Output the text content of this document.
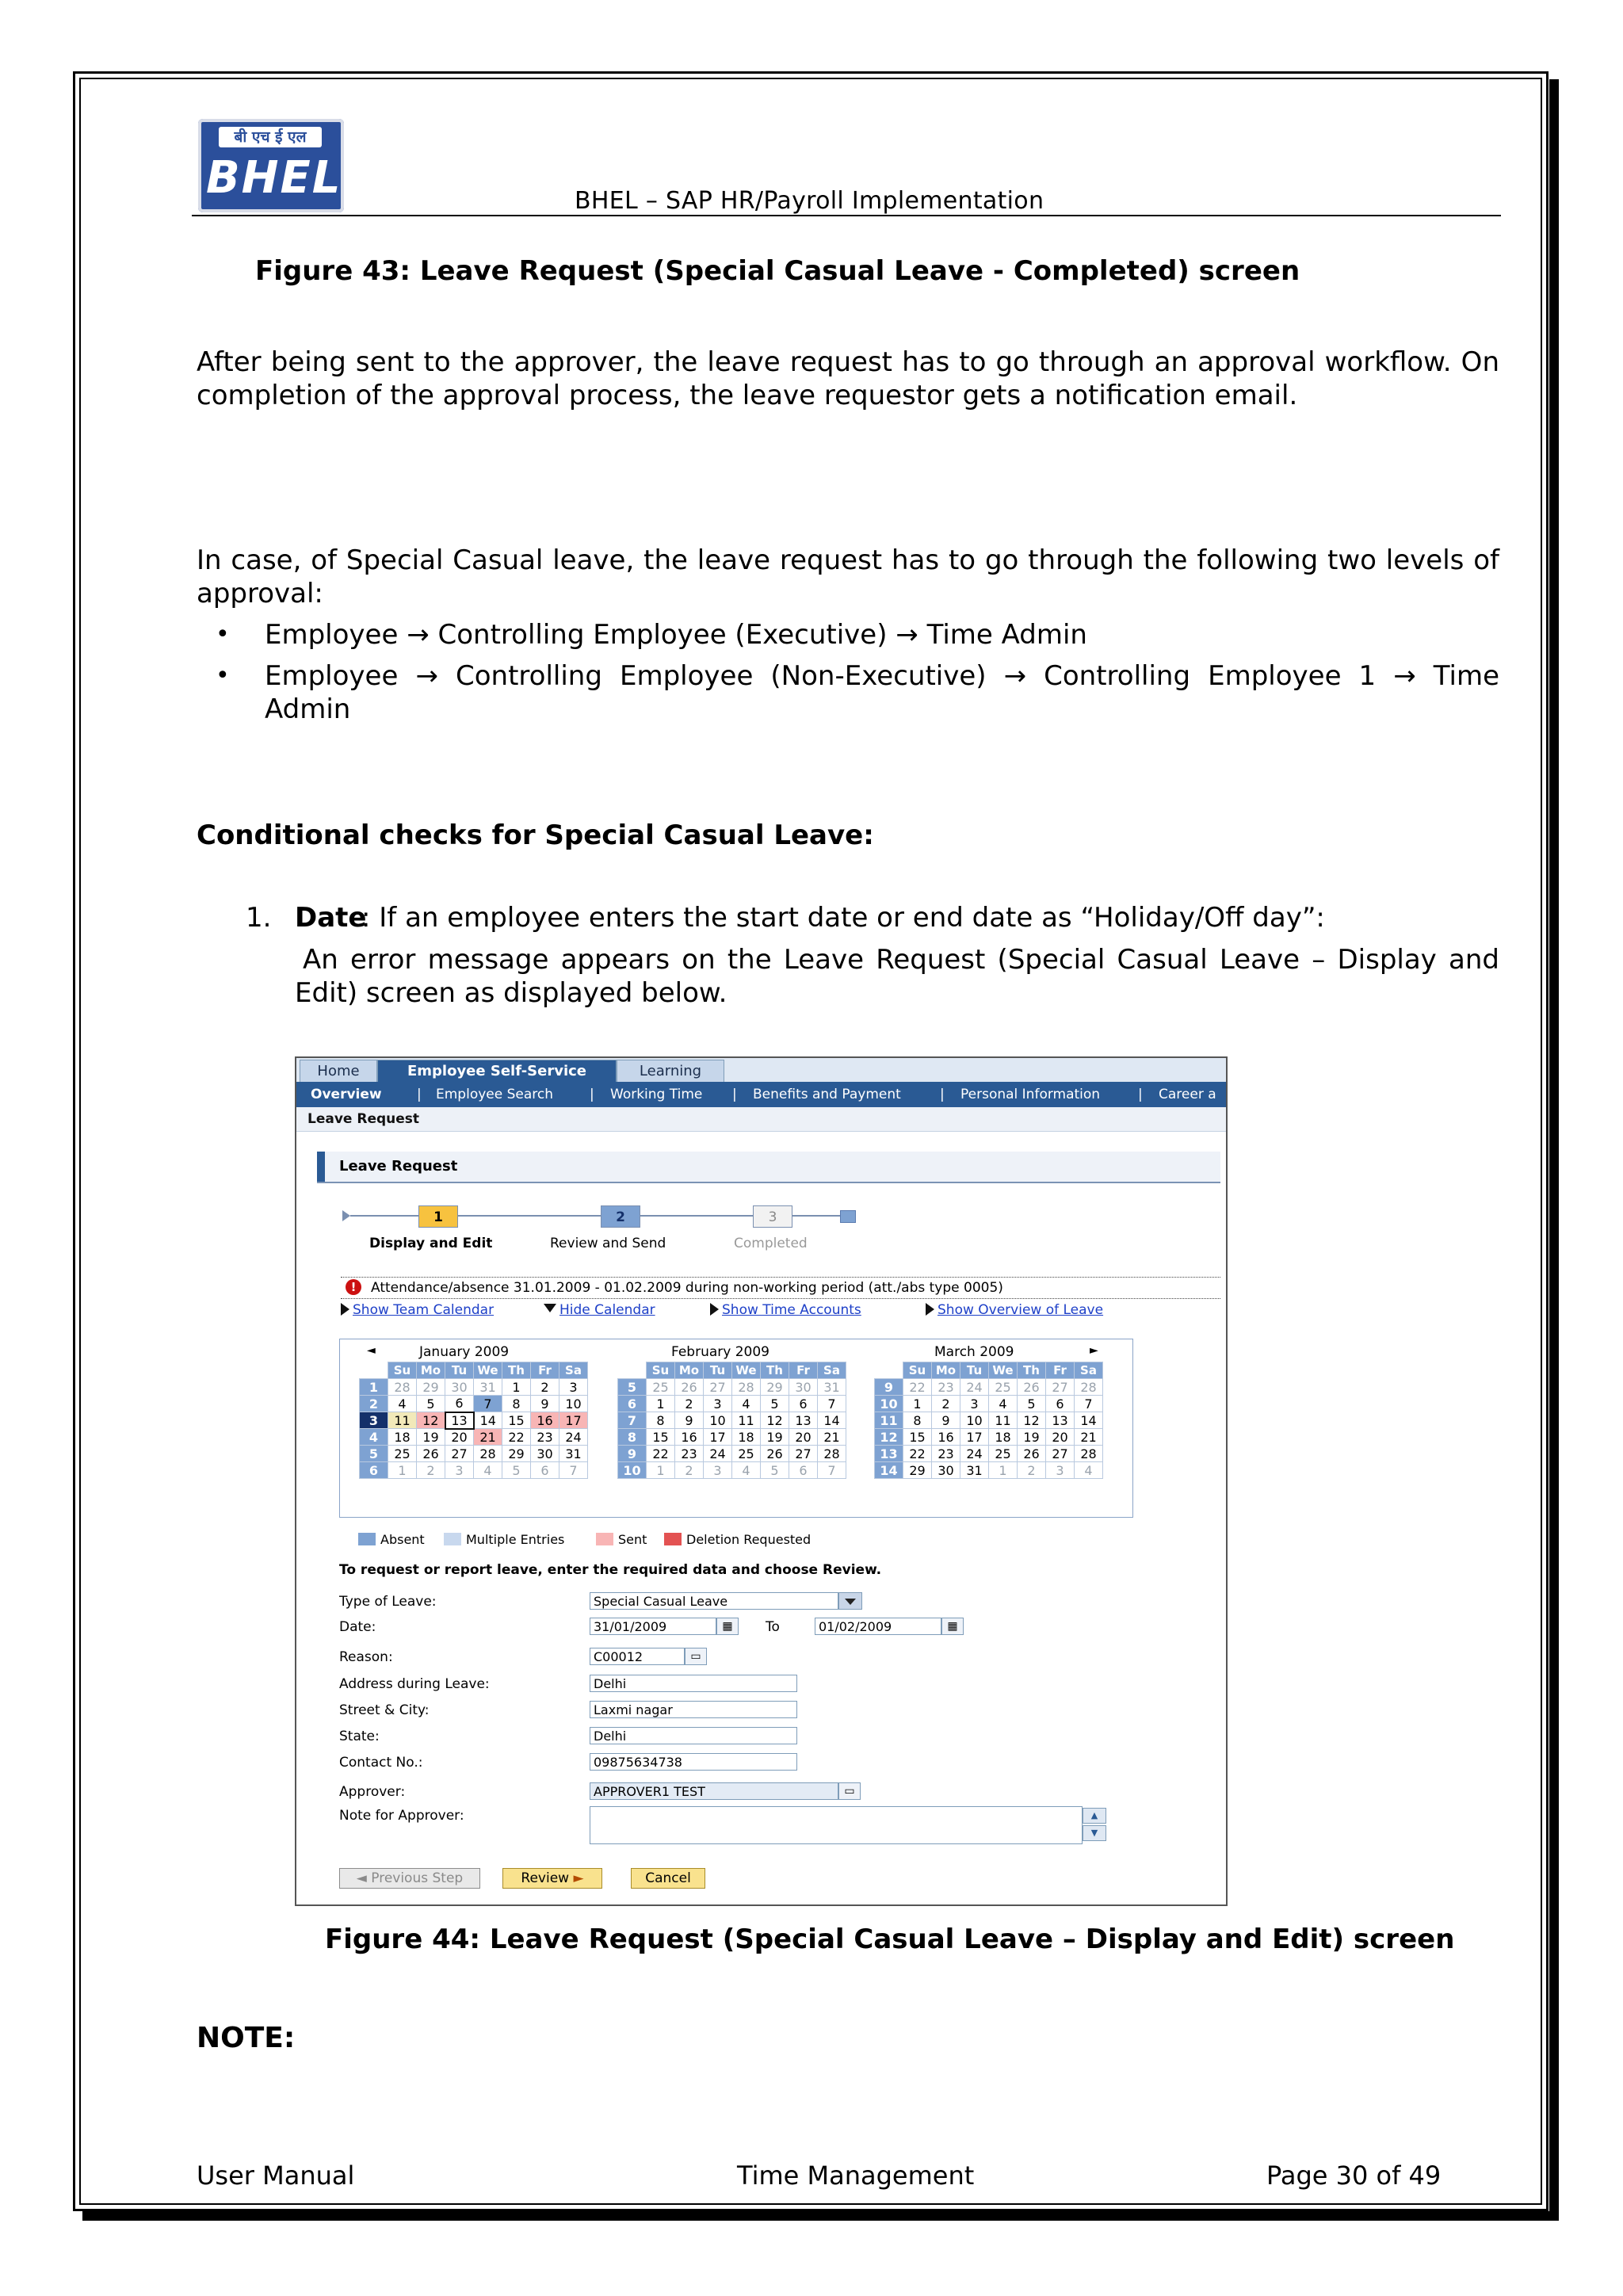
बी एच ई एल
BHEL	BHEL – SAP HR/Payroll Implementation
Figure 43: Leave Request (Special Casual Leave - Completed) screen
After being sent to the approver, the leave request has to go through an approval workflow. On completion of the approval process, the leave requestor gets a notification email.
In case, of Special Casual leave, the leave request has to go through the following two levels of approval:
• Employee → Controlling Employee (Executive) → Time Admin
• Employee → Controlling Employee (Non-Executive) → Controlling Employee 1 → Time Admin
Conditional checks for Special Casual Leave:
1. Date
: If an employee enters the start date or end date as “Holiday/Off day”:
An error message appears on the Leave Request (Special Casual Leave – Display and Edit) screen as displayed below.
Home	Employee Self-Service	Learning
Overview	| Employee Search	| Working Time | Benefits and Payment	| Personal Information	| Career a
Leave Request
Leave Request
1	2	3
Display and Edit	Review and Send	Completed
!	Attendance/absence 31.01.2009 - 01.02.2009 during non-working period (att./abs type 0005)
Show Team Calendar	Hide Calendar	Show Time Accounts	Show Overview of Leave
◄	►
January 2009	February 2009	March 2009
	Su	Mo	Tu	We	Th	Fr	Sa
1	28	29	30	31	1	2	3
2	4	5	6	7	8	9	10
3	11	12	13	14	15	16	17
4	18	19	20	21	22	23	24
5	25	26	27	28	29	30	31
6	1	2	3	4	5	6	7
	Su	Mo	Tu	We	Th	Fr	Sa
5	25	26	27	28	29	30	31
6	1	2	3	4	5	6	7
7	8	9	10	11	12	13	14
8	15	16	17	18	19	20	21
9	22	23	24	25	26	27	28
10	1	2	3	4	5	6	7
	Su	Mo	Tu	We	Th	Fr	Sa
9	22	23	24	25	26	27	28
10	1	2	3	4	5	6	7
11	8	9	10	11	12	13	14
12	15	16	17	18	19	20	21
13	22	23	24	25	26	27	28
14	29	30	31	1	2	3	4
Absent	Multiple Entries	Sent	Deletion Requested
To request or report leave, enter the required data and choose Review.
Type of Leave:	Special Casual Leave
Date:	31/01/2009	▦	To	01/02/2009	▦
Reason:	C00012	▭
Address during Leave:	Delhi
Street & City:	Laxmi nagar
State:	Delhi
Contact No.:	09875634738
Approver:	APPROVER1 TEST	▭
Note for Approver:	▲
▼
◄ Previous Step	Review ►	Cancel
Figure 44: Leave Request (Special Casual Leave – Display and Edit) screen
NOTE:
User Manual	Time Management	Page 30 of 49
